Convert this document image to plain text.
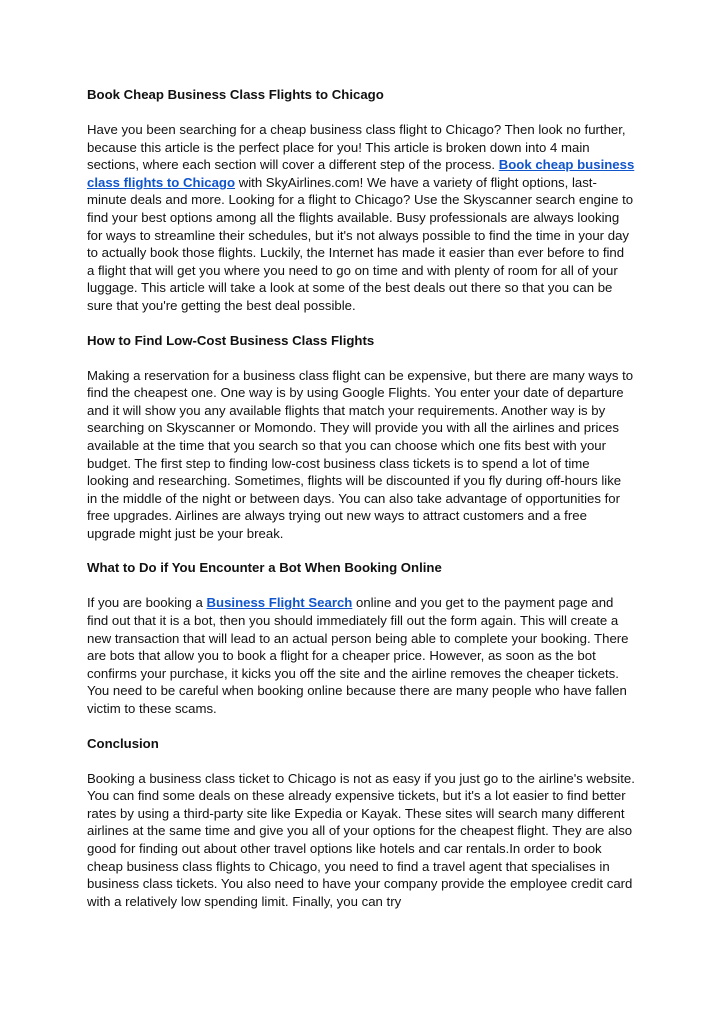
Book Cheap Business Class Flights to Chicago

Have you been searching for a cheap business class flight to Chicago? Then look no further, because this article is the perfect place for you! This article is broken down into 4 main sections, where each section will cover a different step of the process. Book cheap business class flights to Chicago with SkyAirlines.com! We have a variety of flight options, last-minute deals and more. Looking for a flight to Chicago? Use the Skyscanner search engine to find your best options among all the flights available. Busy professionals are always looking for ways to streamline their schedules, but it's not always possible to find the time in your day to actually book those flights. Luckily, the Internet has made it easier than ever before to find a flight that will get you where you need to go on time and with plenty of room for all of your luggage. This article will take a look at some of the best deals out there so that you can be sure that you're getting the best deal possible.

How to Find Low-Cost Business Class Flights

Making a reservation for a business class flight can be expensive, but there are many ways to find the cheapest one. One way is by using Google Flights. You enter your date of departure and it will show you any available flights that match your requirements. Another way is by searching on Skyscanner or Momondo. They will provide you with all the airlines and prices available at the time that you search so that you can choose which one fits best with your budget. The first step to finding low-cost business class tickets is to spend a lot of time looking and researching. Sometimes, flights will be discounted if you fly during off-hours like in the middle of the night or between days. You can also take advantage of opportunities for free upgrades. Airlines are always trying out new ways to attract customers and a free upgrade might just be your break.

What to Do if You Encounter a Bot When Booking Online

If you are booking a Business Flight Search online and you get to the payment page and find out that it is a bot, then you should immediately fill out the form again. This will create a new transaction that will lead to an actual person being able to complete your booking. There are bots that allow you to book a flight for a cheaper price. However, as soon as the bot confirms your purchase, it kicks you off the site and the airline removes the cheaper tickets. You need to be careful when booking online because there are many people who have fallen victim to these scams.

Conclusion

Booking a business class ticket to Chicago is not as easy if you just go to the airline's website. You can find some deals on these already expensive tickets, but it's a lot easier to find better rates by using a third-party site like Expedia or Kayak. These sites will search many different airlines at the same time and give you all of your options for the cheapest flight. They are also good for finding out about other travel options like hotels and car rentals.In order to book cheap business class flights to Chicago, you need to find a travel agent that specialises in business class tickets. You also need to have your company provide the employee credit card with a relatively low spending limit. Finally, you can try
